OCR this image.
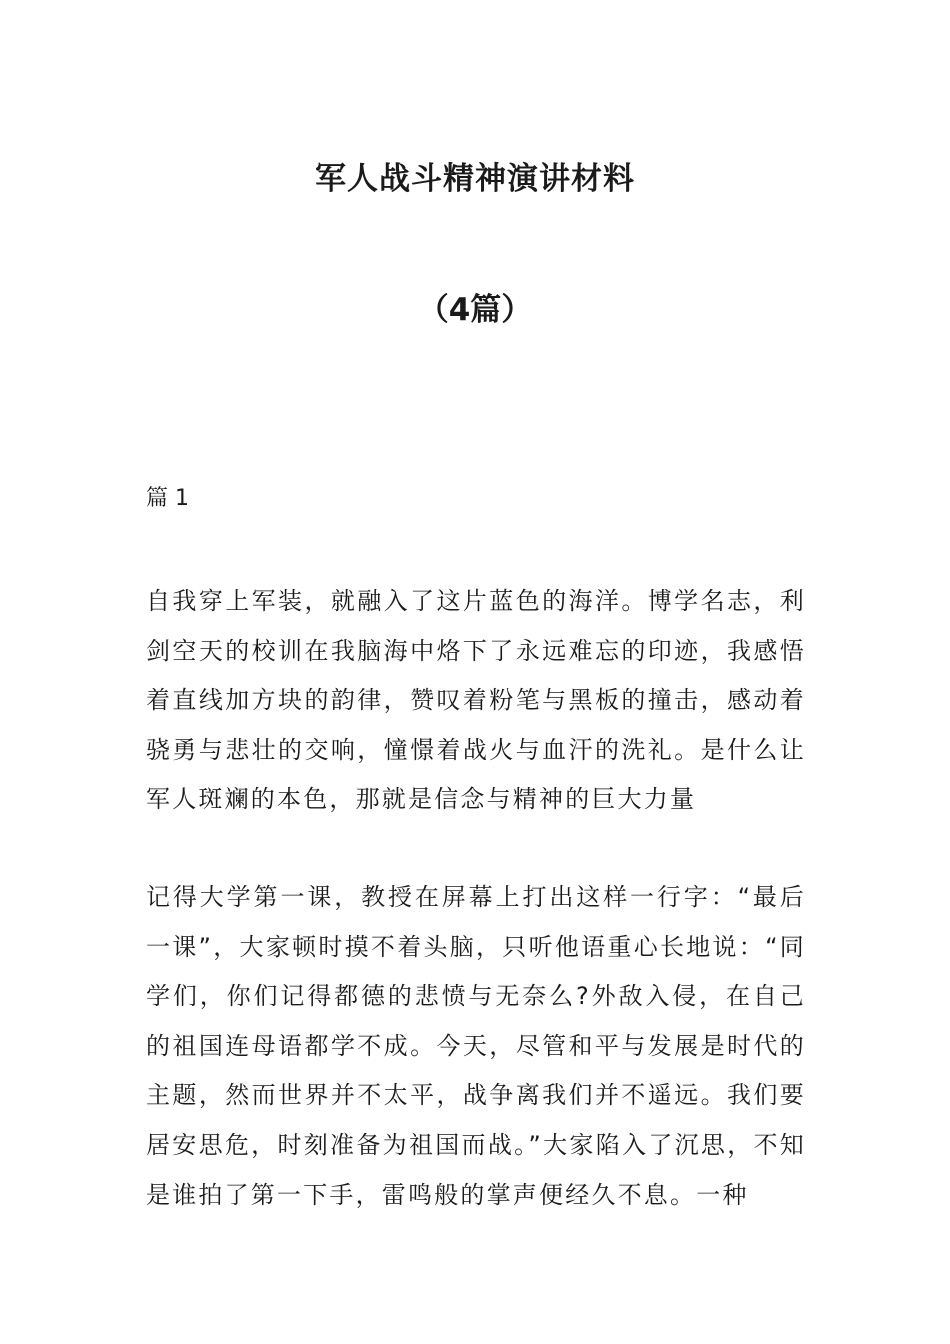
军人战斗精神演讲材料
（4篇）
篇 1

自我穿上军装，就融入了这片蓝色的海洋。博学名志，利剑空天的校训在我脑海中烙下了永远难忘的印迹，我感悟着直线加方块的韵律，赞叹着粉笔与黑板的撞击，感动着骁勇与悲壮的交响，憧憬着战火与血汗的洗礼。是什么让军人斑斓的本色，那就是信念与精神的巨大力量

记得大学第一课，教授在屏幕上打出这样一行字：“最后一课”，大家顿时摸不着头脑，只听他语重心长地说：“同学们，你们记得都德的悲愤与无奈么?外敌入侵，在自己的祖国连母语都学不成。今天，尽管和平与发展是时代的主题，然而世界并不太平，战争离我们并不遥远。我们要居安思危，时刻准备为祖国而战。”大家陷入了沉思，不知是谁拍了第一下手，雷鸣般的掌声便经久不息。一种
